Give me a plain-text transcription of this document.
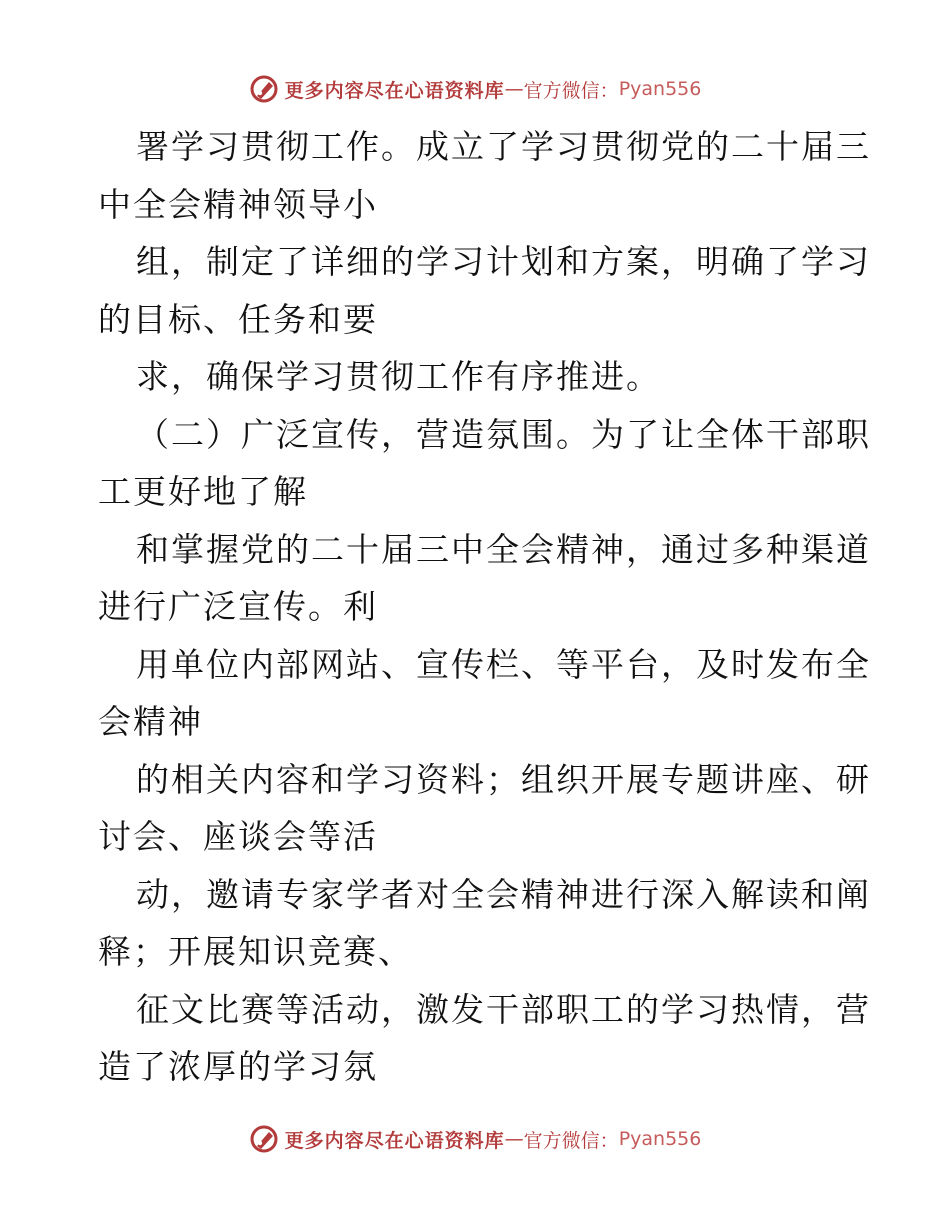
更多内容尽在心语资料库 — 官方微信： Pyan556
署学习贯彻工作。成立了学习贯彻党的二十届三
中全会精神领导小
组，制定了详细的学习计划和方案，明确了学习
的目标、任务和要
求，确保学习贯彻工作有序推进。
（二）广泛宣传，营造氛围。为了让全体干部职
工更好地了解
和掌握党的二十届三中全会精神，通过多种渠道
进行广泛宣传。利
用单位内部网站、宣传栏、等平台，及时发布全
会精神
的相关内容和学习资料；组织开展专题讲座、研
讨会、座谈会等活
动，邀请专家学者对全会精神进行深入解读和阐
释；开展知识竞赛、
征文比赛等活动，激发干部职工的学习热情，营
造了浓厚的学习氛
更多内容尽在心语资料库 — 官方微信： Pyan556
